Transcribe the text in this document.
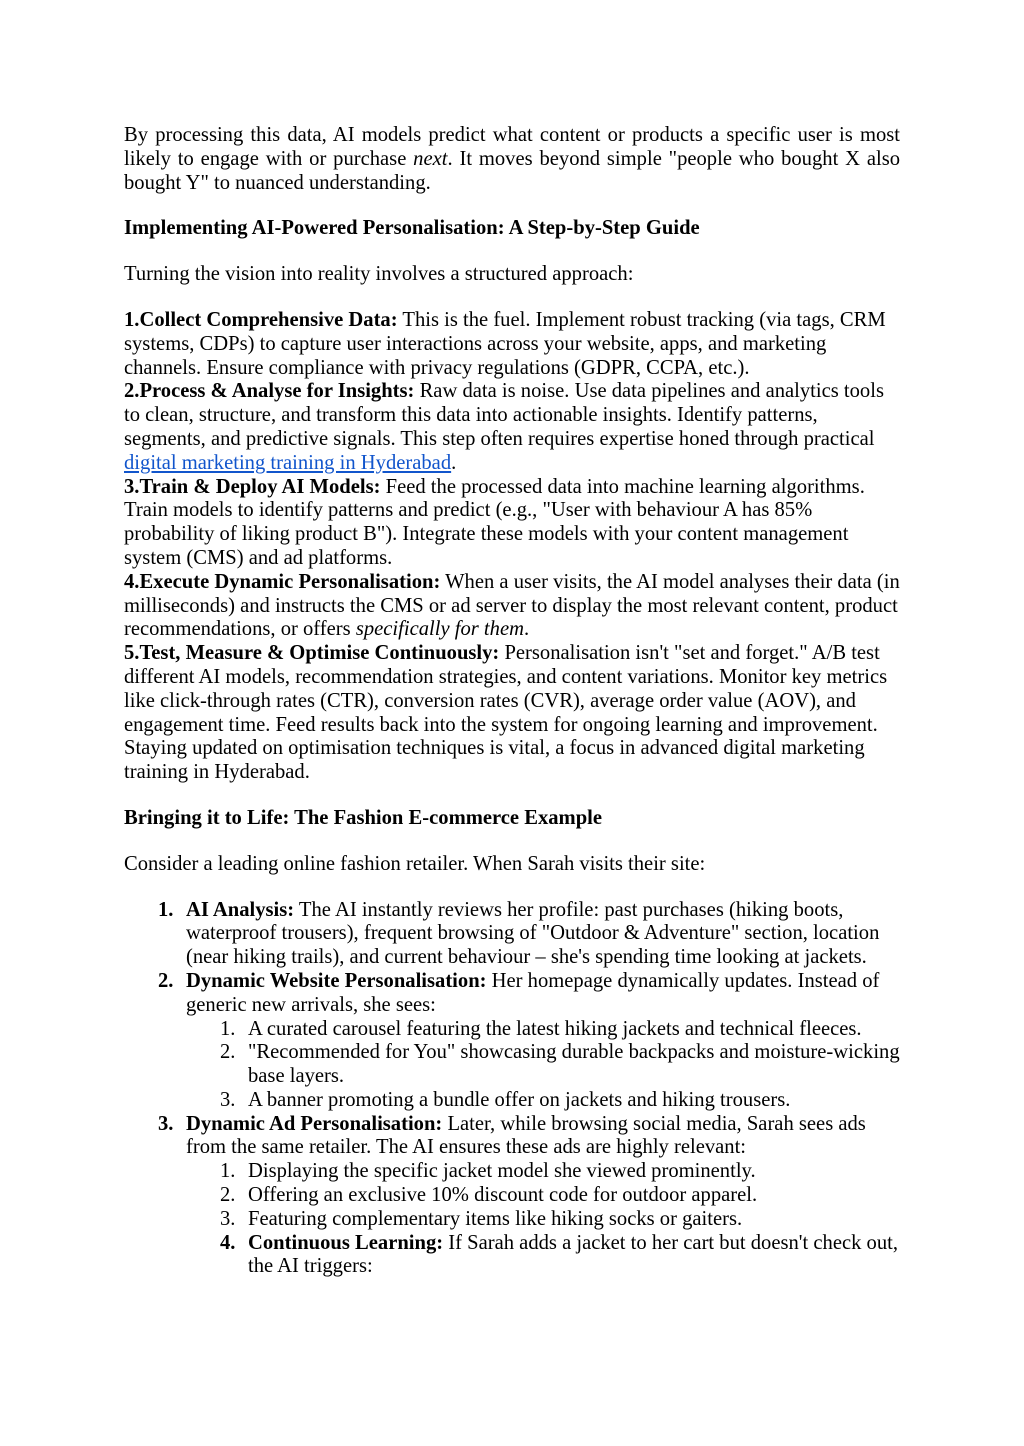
By processing this data, AI models predict what content or products a specific user is most likely to engage with or purchase next. It moves beyond simple "people who bought X also bought Y" to nuanced understanding.

Implementing AI-Powered Personalisation: A Step-by-Step Guide

Turning the vision into reality involves a structured approach:

1.Collect Comprehensive Data: This is the fuel. Implement robust tracking (via tags, CRM systems, CDPs) to capture user interactions across your website, apps, and marketing channels. Ensure compliance with privacy regulations (GDPR, CCPA, etc.).

2.Process & Analyse for Insights: Raw data is noise. Use data pipelines and analytics tools to clean, structure, and transform this data into actionable insights. Identify patterns, segments, and predictive signals. This step often requires expertise honed through practical digital marketing training in Hyderabad.

3.Train & Deploy AI Models: Feed the processed data into machine learning algorithms. Train models to identify patterns and predict (e.g., "User with behaviour A has 85% probability of liking product B"). Integrate these models with your content management system (CMS) and ad platforms.

4.Execute Dynamic Personalisation: When a user visits, the AI model analyses their data (in milliseconds) and instructs the CMS or ad server to display the most relevant content, product recommendations, or offers specifically for them.

5.Test, Measure & Optimise Continuously: Personalisation isn't "set and forget." A/B test different AI models, recommendation strategies, and content variations. Monitor key metrics like click-through rates (CTR), conversion rates (CVR), average order value (AOV), and engagement time. Feed results back into the system for ongoing learning and improvement. Staying updated on optimisation techniques is vital, a focus in advanced digital marketing training in Hyderabad.

Bringing it to Life: The Fashion E-commerce Example

Consider a leading online fashion retailer. When Sarah visits their site:

1. AI Analysis: The AI instantly reviews her profile: past purchases (hiking boots, waterproof trousers), frequent browsing of "Outdoor & Adventure" section, location (near hiking trails), and current behaviour – she's spending time looking at jackets.
2. Dynamic Website Personalisation: Her homepage dynamically updates. Instead of generic new arrivals, she sees:
1. A curated carousel featuring the latest hiking jackets and technical fleeces.
2. "Recommended for You" showcasing durable backpacks and moisture-wicking base layers.
3. A banner promoting a bundle offer on jackets and hiking trousers.
3. Dynamic Ad Personalisation: Later, while browsing social media, Sarah sees ads from the same retailer. The AI ensures these ads are highly relevant:
1. Displaying the specific jacket model she viewed prominently.
2. Offering an exclusive 10% discount code for outdoor apparel.
3. Featuring complementary items like hiking socks or gaiters.
4. Continuous Learning: If Sarah adds a jacket to her cart but doesn't check out, the AI triggers:
